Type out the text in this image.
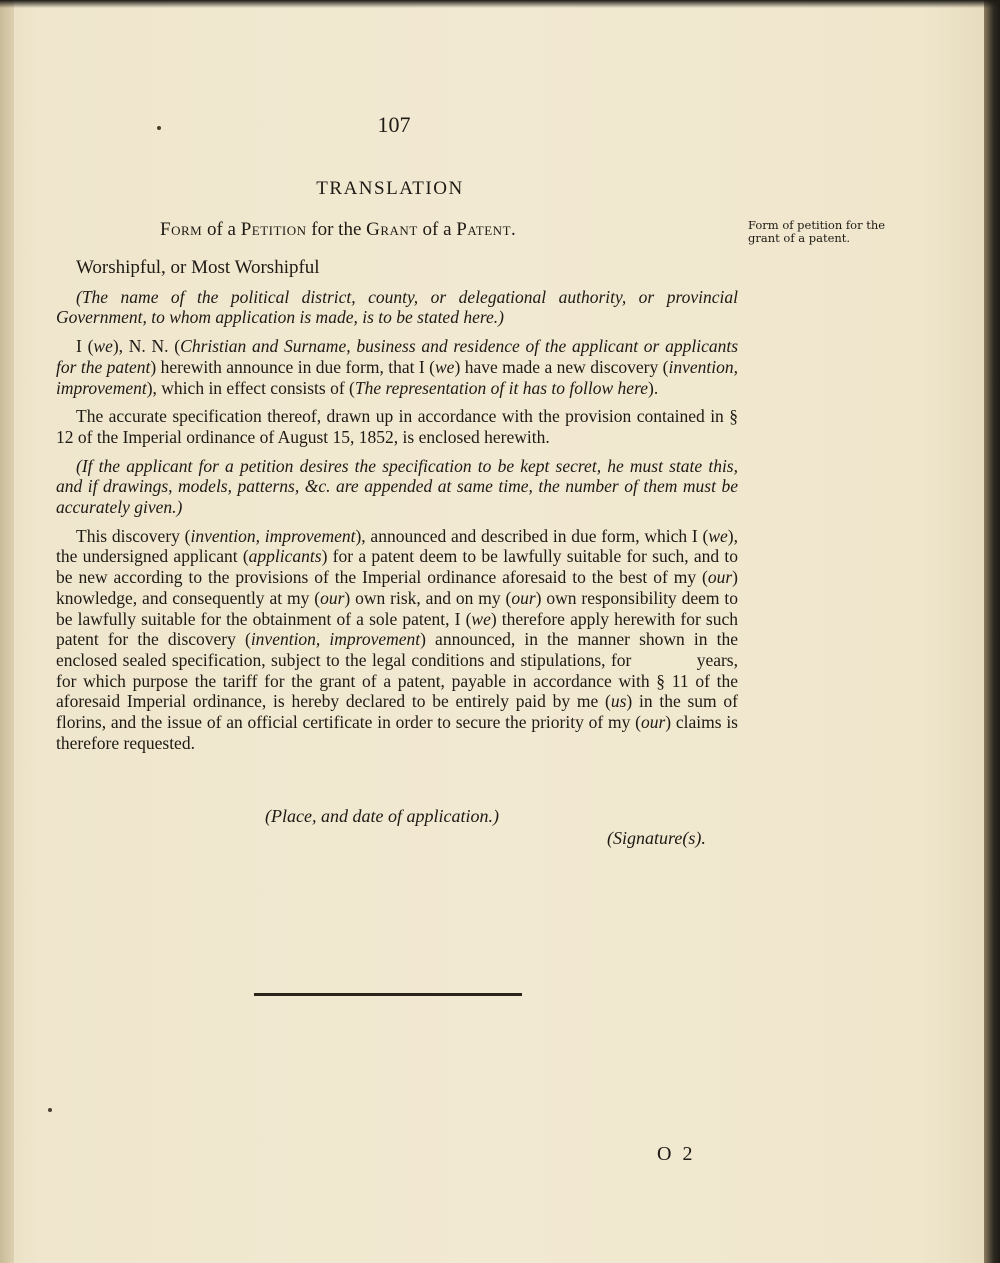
107
TRANSLATION
Form of a Petition for the Grant of a Patent.	Form of petition for the grant of a patent.

Worshipful, or Most Worshipful

(The name of the political district, county, or delegational authority, or provincial Government, to whom application is made, is to be stated here.)

I (we), N. N. (Christian and Surname, business and residence of the applicant or applicants for the patent) herewith announce in due form, that I (we) have made a new discovery (invention, improvement), which in effect consists of (The representation of it has to follow here).

The accurate specification thereof, drawn up in accordance with the provision contained in § 12 of the Imperial ordinance of August 15, 1852, is enclosed herewith.

(If the applicant for a petition desires the specification to be kept secret, he must state this, and if drawings, models, patterns, &c. are appended at same time, the number of them must be accurately given.)

This discovery (invention, improvement), announced and described in due form, which I (we), the undersigned applicant (applicants) for a patent deem to be lawfully suitable for such, and to be new according to the provisions of the Imperial ordinance aforesaid to the best of my (our) knowledge, and consequently at my (our) own risk, and on my (our) own responsibility deem to be lawfully suitable for the obtainment of a sole patent, I (we) therefore apply herewith for such patent for the discovery (invention, improvement) announced, in the manner shown in the enclosed sealed specification, subject to the legal conditions and stipulations, for            years, for which purpose the tariff for the grant of a patent, payable in accordance with § 11 of the aforesaid Imperial ordinance, is hereby declared to be entirely paid by me (us) in the sum of            florins, and the issue of an official certificate in order to secure the priority of my (our) claims is therefore requested.

(Place, and date of application.)
(Signature(s).
O 2
